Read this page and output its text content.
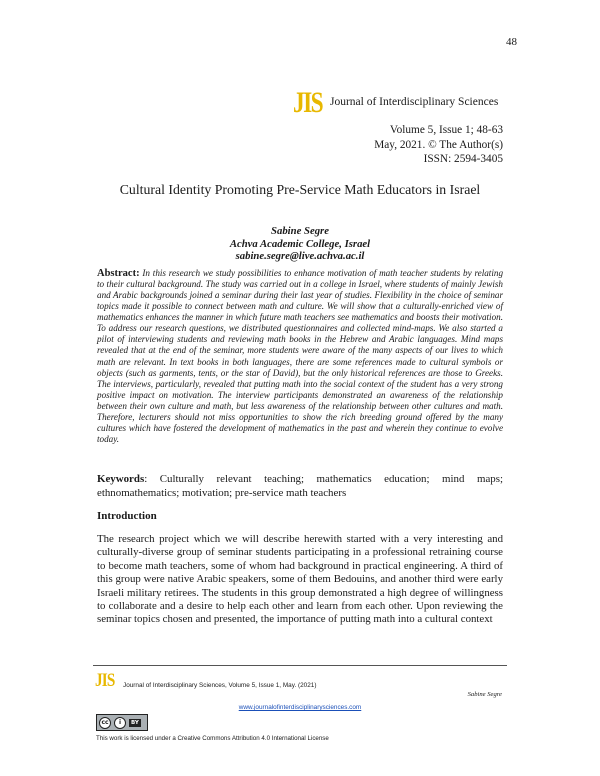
48
JIS Journal of Interdisciplinary Sciences
Volume 5, Issue 1; 48-63
May, 2021. © The Author(s)
ISSN: 2594-3405
Cultural Identity Promoting Pre-Service Math Educators in Israel
Sabine Segre
Achva Academic College, Israel
sabine.segre@live.achva.ac.il
Abstract: In this research we study possibilities to enhance motivation of math teacher students by relating to their cultural background. The study was carried out in a college in Israel, where students of mainly Jewish and Arabic backgrounds joined a seminar during their last year of studies. Flexibility in the choice of seminar topics made it possible to connect between math and culture. We will show that a culturally-enriched view of mathematics enhances the manner in which future math teachers see mathematics and boosts their motivation. To address our research questions, we distributed questionnaires and collected mind-maps. We also started a pilot of interviewing students and reviewing math books in the Hebrew and Arabic languages. Mind maps revealed that at the end of the seminar, more students were aware of the many aspects of our lives to which math are relevant. In text books in both languages, there are some references made to cultural symbols or objects (such as garments, tents, or the star of David), but the only historical references are those to Greeks. The interviews, particularly, revealed that putting math into the social context of the student has a very strong positive impact on motivation. The interview participants demonstrated an awareness of the relationship between their own culture and math, but less awareness of the relationship between other cultures and math. Therefore, lecturers should not miss opportunities to show the rich breeding ground offered by the many cultures which have fostered the development of mathematics in the past and wherein they continue to evolve today.
Keywords: Culturally relevant teaching; mathematics education; mind maps; ethnomathematics; motivation; pre-service math teachers
Introduction
The research project which we will describe herewith started with a very interesting and culturally-diverse group of seminar students participating in a professional retraining course to become math teachers, some of whom had background in practical engineering. A third of this group were native Arabic speakers, some of them Bedouins, and another third were early Israeli military retirees. The students in this group demonstrated a high degree of willingness to collaborate and a desire to help each other and learn from each other. Upon reviewing the seminar topics chosen and presented, the importance of putting math into a cultural context
JIS Journal of Interdisciplinary Sciences, Volume 5, Issue 1, May. (2021)
Sabine Segre
www.journalofinterdisciplinarysciences.com
cc	i	BY
This work is licensed under a Creative Commons Attribution 4.0 International License
